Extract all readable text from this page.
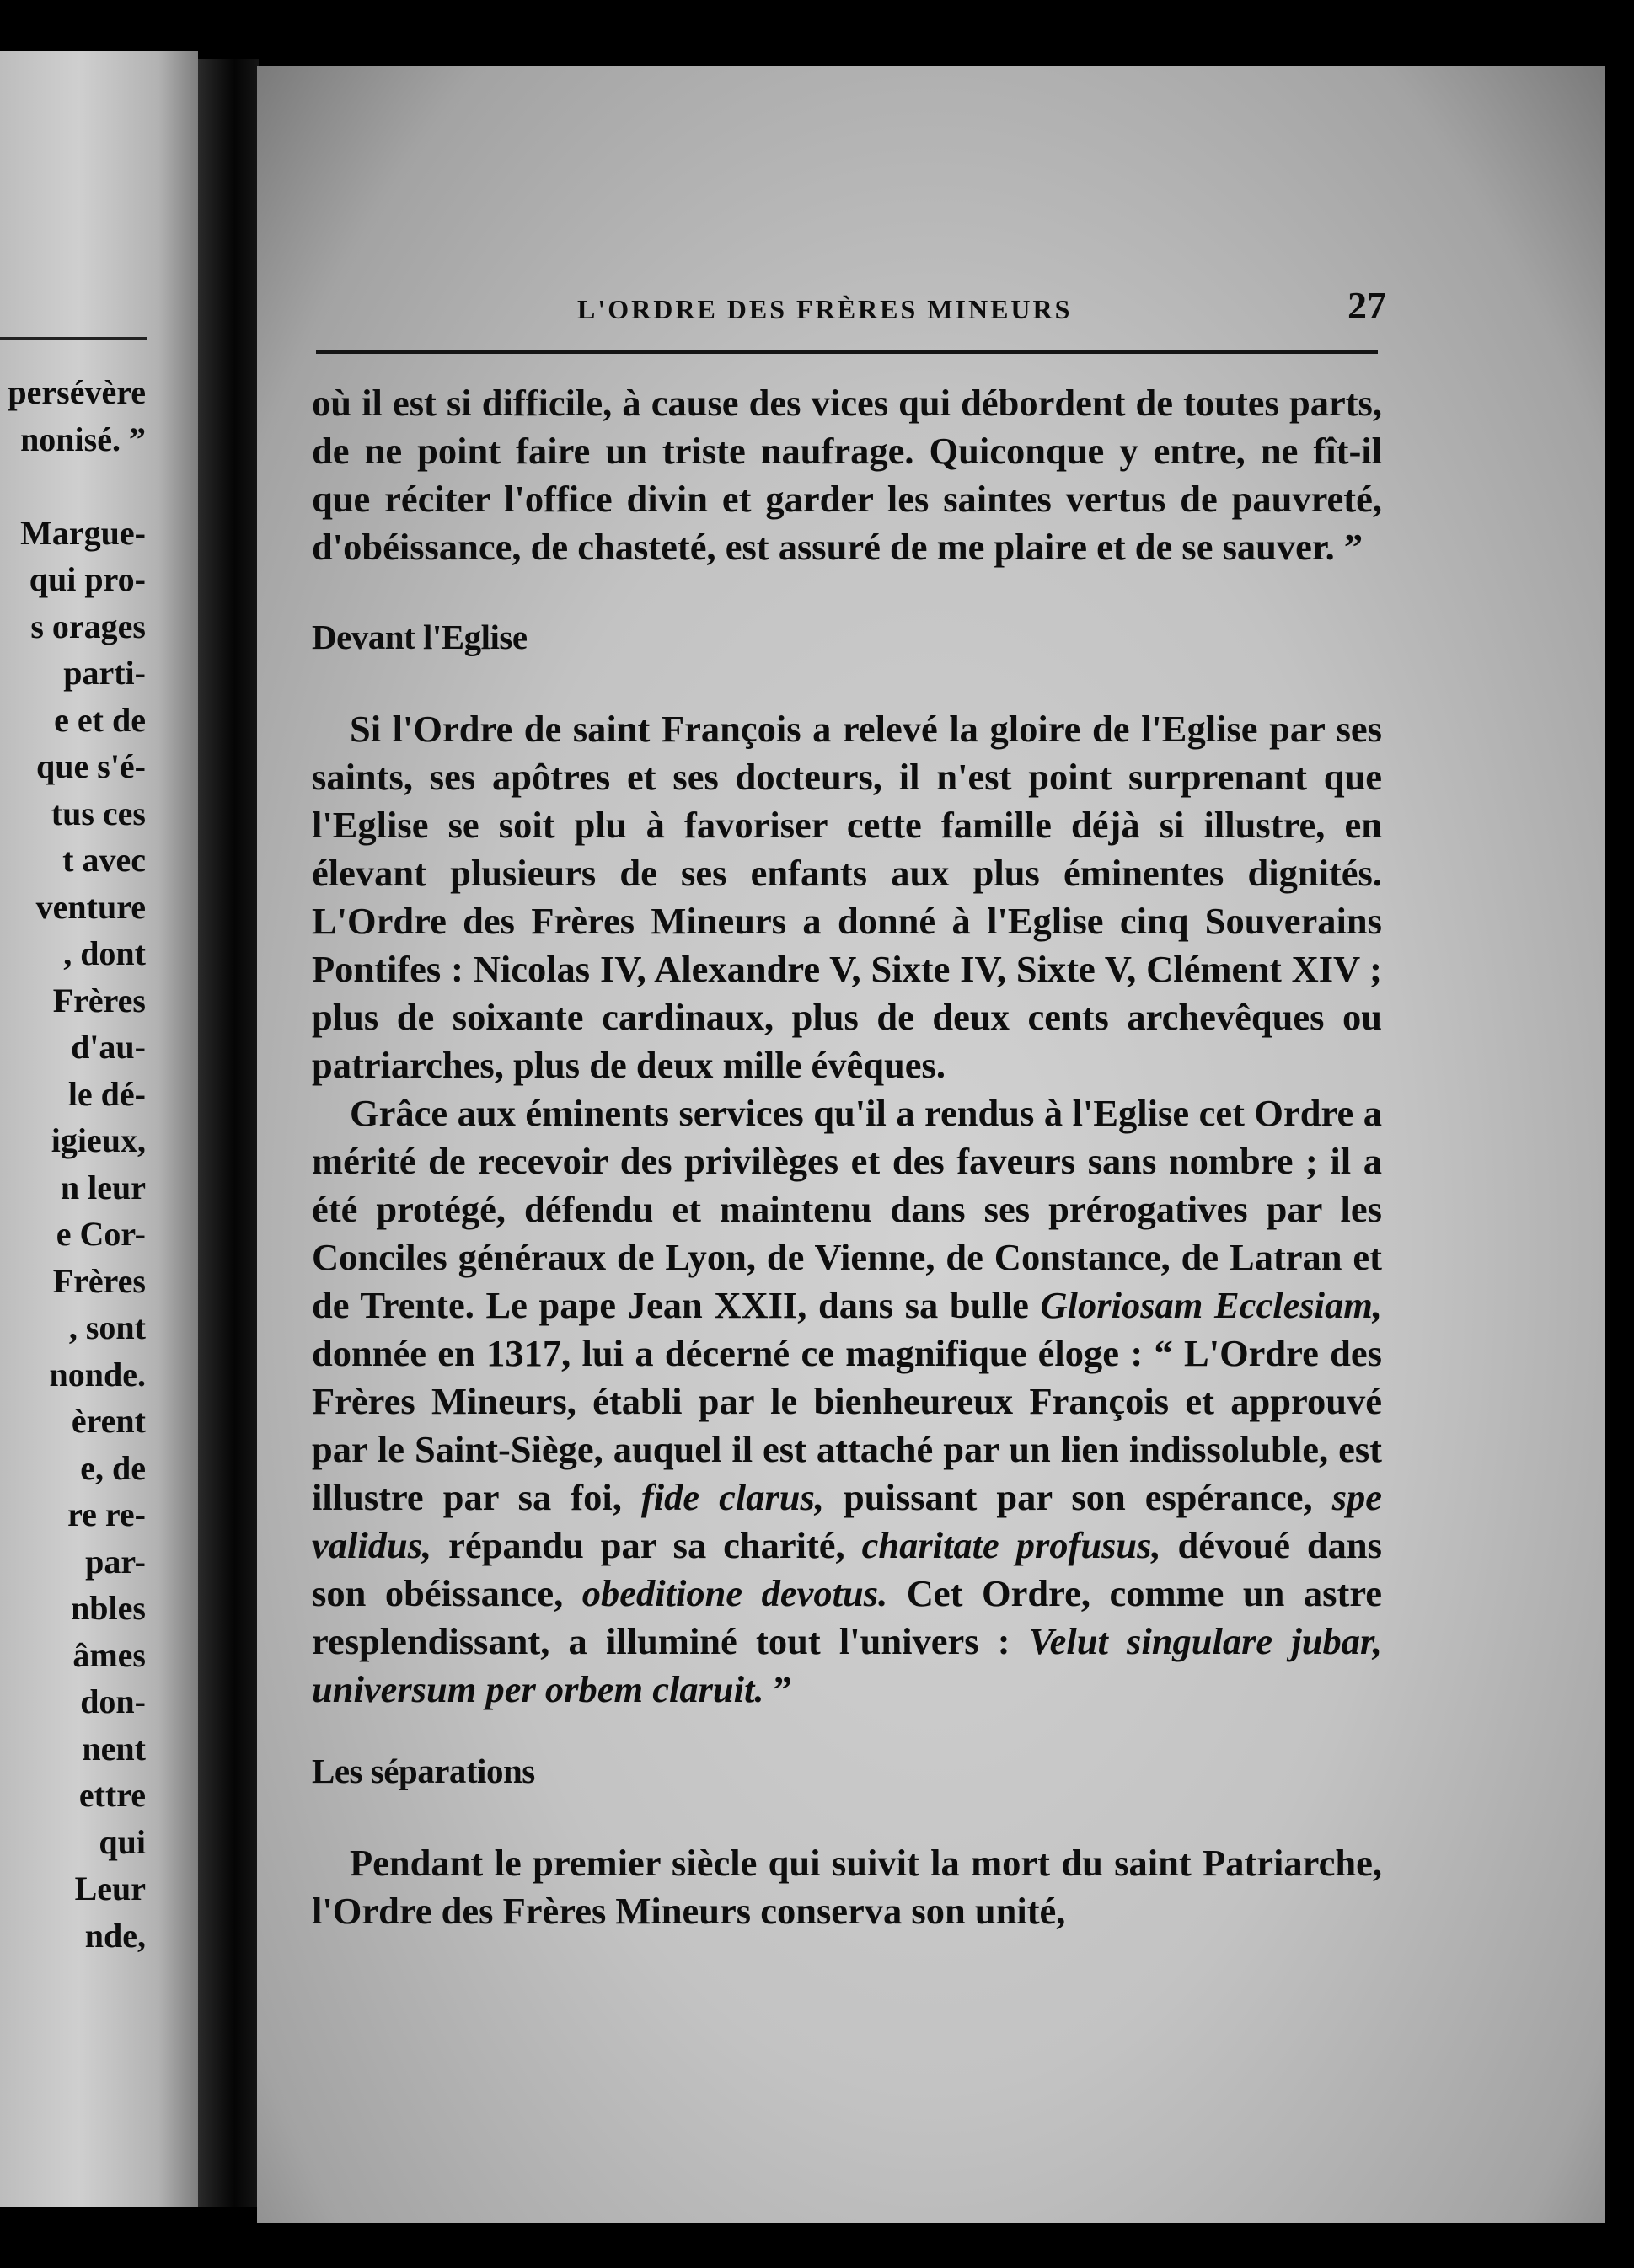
persévère
nonisé. ”
Margue-
qui pro-
s orages
parti-
e et de
que s'é-
tus ces
t avec
venture
, dont
Frères
d'au-
le dé-
igieux,
n leur
e Cor-
Frères
, sont
nonde.
èrent
e, de
re re-
par-
nbles
âmes
don-
nent
ettre
qui
Leur
nde,
L'ORDRE DES FRÈRES MINEURS	27

où il est si difficile, à cause des vices qui débordent de toutes parts, de ne point faire un triste naufrage. Quiconque y entre, ne fît-il que réciter l'office divin et garder les saintes vertus de pauvreté, d'obéissance, de chasteté, est assuré de me plaire et de se sauver. ”

Devant l'Eglise

Si l'Ordre de saint François a relevé la gloire de l'Eglise par ses saints, ses apôtres et ses docteurs, il n'est point surprenant que l'Eglise se soit plu à favoriser cette famille déjà si illustre, en élevant plusieurs de ses enfants aux plus éminentes dignités. L'Ordre des Frères Mineurs a donné à l'Eglise cinq Souverains Pontifes : Nicolas IV, Alexandre V, Sixte IV, Sixte V, Clément XIV ; plus de soixante cardinaux, plus de deux cents archevêques ou patriarches, plus de deux mille évêques.

Grâce aux éminents services qu'il a rendus à l'Eglise cet Ordre a mérité de recevoir des privilèges et des faveurs sans nombre ; il a été protégé, défendu et maintenu dans ses prérogatives par les Conciles généraux de Lyon, de Vienne, de Constance, de Latran et de Trente. Le pape Jean XXII, dans sa bulle Gloriosam Ecclesiam, donnée en 1317, lui a décerné ce magnifique éloge : “ L'Ordre des Frères Mineurs, établi par le bienheureux François et approuvé par le Saint-Siège, auquel il est attaché par un lien indissoluble, est illustre par sa foi, fide clarus, puissant par son espérance, spe validus, répandu par sa charité, charitate profusus, dévoué dans son obéissance, obeditione devotus. Cet Ordre, comme un astre resplendissant, a illuminé tout l'univers : Velut singulare jubar, universum per orbem claruit. ”

Les séparations

Pendant le premier siècle qui suivit la mort du saint Patriarche, l'Ordre des Frères Mineurs conserva son unité,
